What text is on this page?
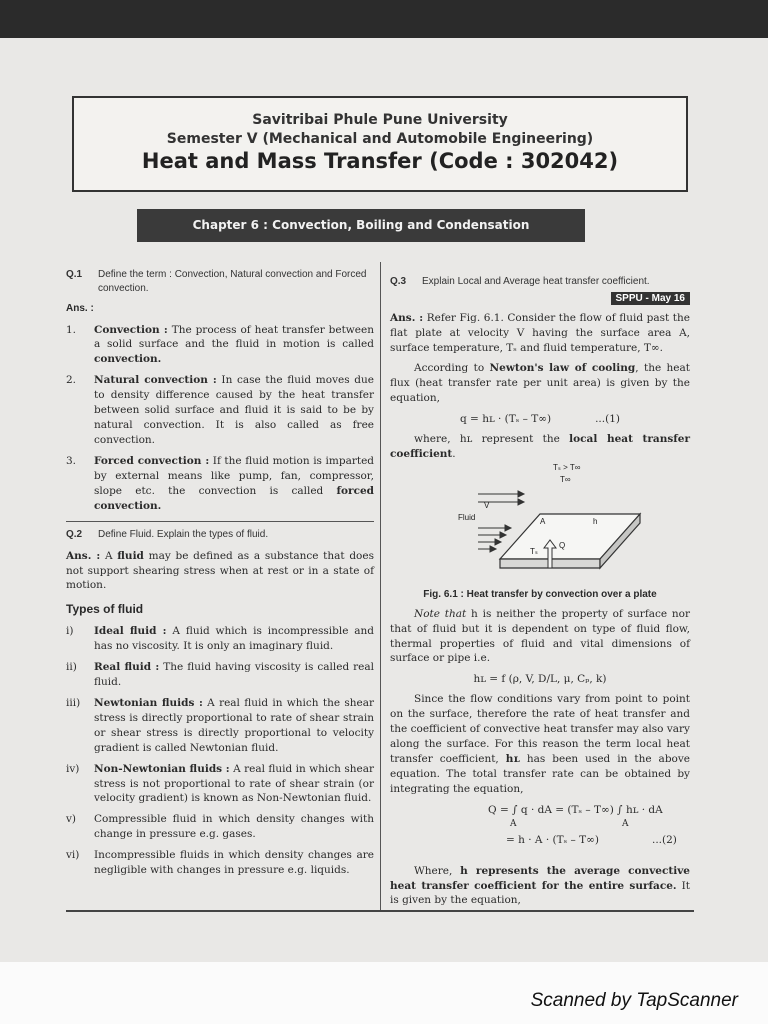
Savitribai Phule Pune University
Semester V (Mechanical and Automobile Engineering)
Heat and Mass Transfer (Code : 302042)
Chapter 6 : Convection, Boiling and Condensation
Q.1	Define the term : Convection, Natural convection and Forced convection.
Ans. :
1.	Convection : The process of heat transfer between a solid surface and the fluid in motion is called convection.
2.	Natural convection : In case the fluid moves due to density difference caused by the heat transfer between solid surface and fluid it is said to be by natural convection. It is also called as free convection.
3.	Forced convection : If the fluid motion is imparted by external means like pump, fan, compressor, slope etc. the convection is called forced convection.
Q.2	Define Fluid. Explain the types of fluid.
Ans. : A fluid may be defined as a substance that does not support shearing stress when at rest or in a state of motion.
Types of fluid
i)	Ideal fluid : A fluid which is incompressible and has no viscosity. It is only an imaginary fluid.
ii)	Real fluid : The fluid having viscosity is called real fluid.
iii)	Newtonian fluids : A real fluid in which the shear stress is directly proportional to rate of shear strain or shear stress is directly proportional to velocity gradient is called Newtonian fluid.
iv)	Non-Newtonian fluids : A real fluid in which shear stress is not proportional to rate of shear strain (or velocity gradient) is known as Non-Newtonian fluid.
v)	Compressible fluid in which density changes with change in pressure e.g. gases.
vi)	Incompressible fluids in which density changes are negligible with changes in pressure e.g. liquids.
Q.3	Explain Local and Average heat transfer coefficient.
SPPU - May 16
Ans. : Refer Fig. 6.1. Consider the flow of fluid past the flat plate at velocity V having the surface area A, surface temperature, Tₛ and fluid temperature, T∞.
According to Newton's law of cooling, the heat flux (heat transfer rate per unit area) is given by the equation,
q = hʟ · (Tₛ – T∞)	...(1)
where, hʟ represent the local heat transfer coefficient.
Tₛ > T∞
T∞
V
Fluid	A	h
Tₛ
Q
Fig. 6.1 : Heat transfer by convection over a plate
Note that h is neither the property of surface nor that of fluid but it is dependent on type of fluid flow, thermal properties of fluid and vital dimensions of surface or pipe i.e.
hʟ = f (ρ, V, D/L, μ, Cₚ, k)
Since the flow conditions vary from point to point on the surface, therefore the rate of heat transfer and the coefficient of convective heat transfer may also vary along the surface. For this reason the term local heat transfer coefficient, hʟ has been used in the above equation. The total transfer rate can be obtained by integrating the equation,
Q = ∫ q · dA = (Tₛ – T∞) ∫ hʟ · dA
A	A
= h · A · (Tₛ – T∞)	...(2)
Where, h represents the average convective heat transfer coefficient for the entire surface. It is given by the equation,
Scanned by TapScanner
